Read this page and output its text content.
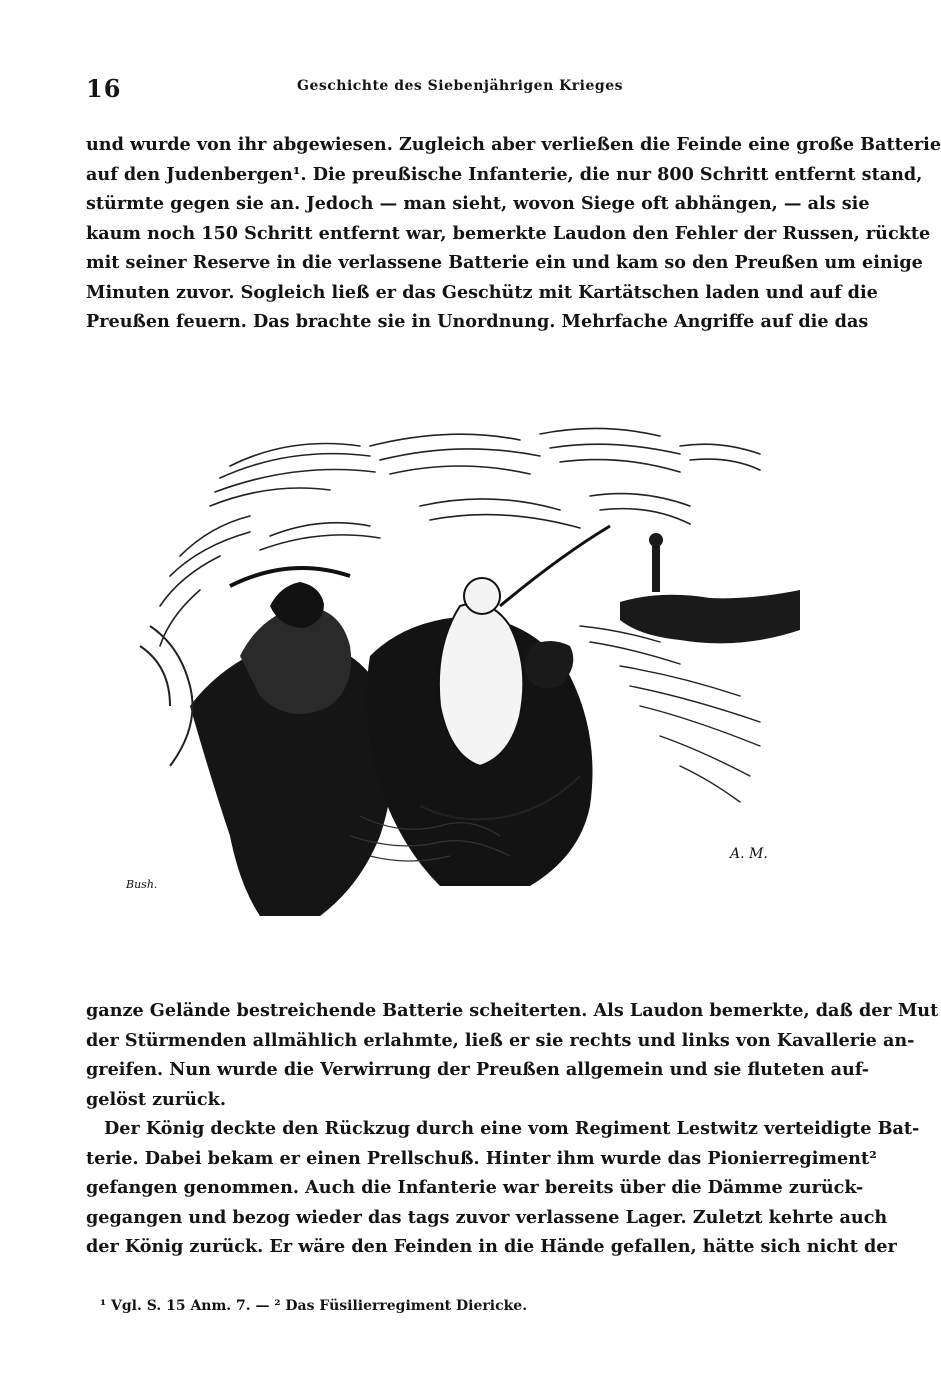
16	Geschichte des Siebenjährigen Krieges
und wurde von ihr abgewiesen. Zugleich aber verließen die Feinde eine große Batterie
auf den Judenbergen¹. Die preußische Infanterie, die nur 800 Schritt entfernt stand,
stürmte gegen sie an. Jedoch — man sieht, wovon Siege oft abhängen, — als sie
kaum noch 150 Schritt entfernt war, bemerkte Laudon den Fehler der Russen, rückte
mit seiner Reserve in die verlassene Batterie ein und kam so den Preußen um einige
Minuten zuvor. Sogleich ließ er das Geschütz mit Kartätschen laden und auf die
Preußen feuern. Das brachte sie in Unordnung. Mehrfache Angriffe auf die das
Bush.
A. M.
ganze Gelände bestreichende Batterie scheiterten. Als Laudon bemerkte, daß der Mut
der Stürmenden allmählich erlahmte, ließ er sie rechts und links von Kavallerie an-
greifen. Nun wurde die Verwirrung der Preußen allgemein und sie fluteten auf-
gelöst zurück.
Der König deckte den Rückzug durch eine vom Regiment Lestwitz verteidigte Bat-
terie. Dabei bekam er einen Prellschuß. Hinter ihm wurde das Pionierregiment²
gefangen genommen. Auch die Infanterie war bereits über die Dämme zurück-
gegangen und bezog wieder das tags zuvor verlassene Lager. Zuletzt kehrte auch
der König zurück. Er wäre den Feinden in die Hände gefallen, hätte sich nicht der
¹ Vgl. S. 15 Anm. 7. — ² Das Füsilierregiment Diericke.
